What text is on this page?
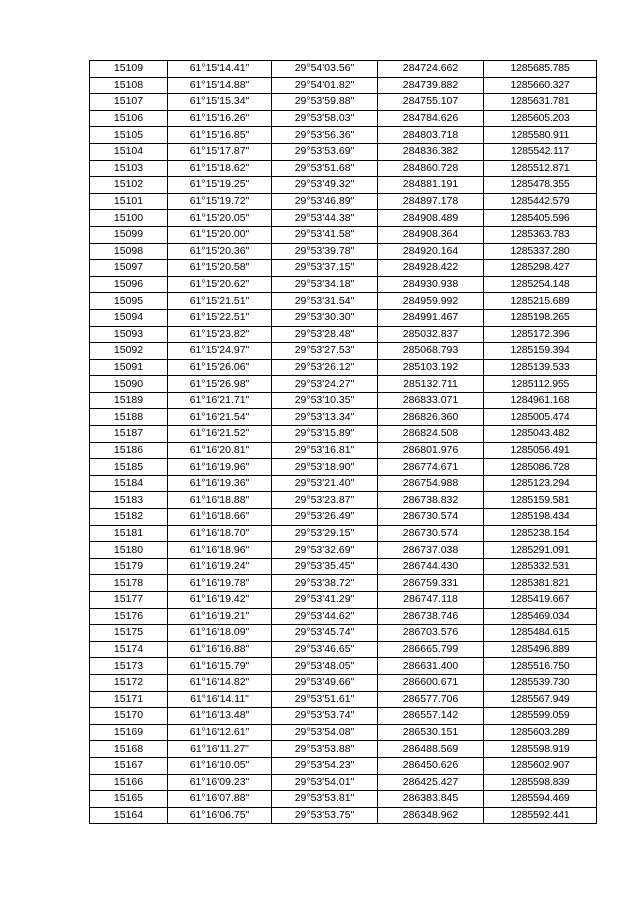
15109	61°15'14.41"	29°54'03.56"	284724.662	1285685.785
15108	61°15'14.88"	29°54'01.82"	284739.882	1285660.327
15107	61°15'15.34"	29°53'59.88"	284755.107	1285631.781
15106	61°15'16.26"	29°53'58.03"	284784.626	1285605.203
15105	61°15'16.85"	29°53'56.36"	284803.718	1285580.911
15104	61°15'17.87"	29°53'53.69"	284836.382	1285542.117
15103	61°15'18.62"	29°53'51.68"	284860.728	1285512.871
15102	61°15'19.25"	29°53'49.32"	284881.191	1285478.355
15101	61°15'19.72"	29°53'46.89"	284897.178	1285442.579
15100	61°15'20.05"	29°53'44.38"	284908.489	1285405.596
15099	61°15'20.00"	29°53'41.58"	284908.364	1285363.783
15098	61°15'20.36"	29°53'39.78"	284920.164	1285337.280
15097	61°15'20.58"	29°53'37.15"	284928.422	1285298.427
15096	61°15'20.62"	29°53'34.18"	284930.938	1285254.148
15095	61°15'21.51"	29°53'31.54"	284959.992	1285215.689
15094	61°15'22.51"	29°53'30.30"	284991.467	1285198.265
15093	61°15'23.82"	29°53'28.48"	285032.837	1285172.396
15092	61°15'24.97"	29°53'27.53"	285068.793	1285159.394
15091	61°15'26.06"	29°53'26.12"	285103.192	1285139.533
15090	61°15'26.98"	29°53'24.27"	285132.711	1285112.955
15189	61°16'21.71"	29°53'10.35"	286833.071	1284961.168
15188	61°16'21.54"	29°53'13.34"	286826.360	1285005.474
15187	61°16'21.52"	29°53'15.89"	286824.508	1285043.482
15186	61°16'20.81"	29°53'16.81"	286801.976	1285056.491
15185	61°16'19.96"	29°53'18.90"	286774.671	1285086.728
15184	61°16'19.36"	29°53'21.40"	286754.988	1285123.294
15183	61°16'18.88"	29°53'23.87"	286738.832	1285159.581
15182	61°16'18.66"	29°53'26.49"	286730.574	1285198.434
15181	61°16'18.70"	29°53'29.15"	286730.574	1285238.154
15180	61°16'18.96"	29°53'32.69"	286737.038	1285291.091
15179	61°16'19.24"	29°53'35.45"	286744.430	1285332.531
15178	61°16'19.78"	29°53'38.72"	286759.331	1285381.821
15177	61°16'19.42"	29°53'41.29"	286747.118	1285419.667
15176	61°16'19.21"	29°53'44.62"	286738.746	1285469.034
15175	61°16'18.09"	29°53'45.74"	286703.576	1285484.615
15174	61°16'16.88"	29°53'46.65"	286665.799	1285496.889
15173	61°16'15.79"	29°53'48.05"	286631.400	1285516.750
15172	61°16'14.82"	29°53'49.66"	286600.671	1285539.730
15171	61°16'14.11"	29°53'51.61"	286577.706	1285567.949
15170	61°16'13.48"	29°53'53.74"	286557.142	1285599.059
15169	61°16'12.61"	29°53'54.08"	286530.151	1285603.289
15168	61°16'11.27"	29°53'53.88"	286488.569	1285598.919
15167	61°16'10.05"	29°53'54.23"	286450.626	1285602.907
15166	61°16'09.23"	29°53'54.01"	286425.427	1285598.839
15165	61°16'07.88"	29°53'53.81"	286383.845	1285594.469
15164	61°16'06.75"	29°53'53.75"	286348.962	1285592.441
